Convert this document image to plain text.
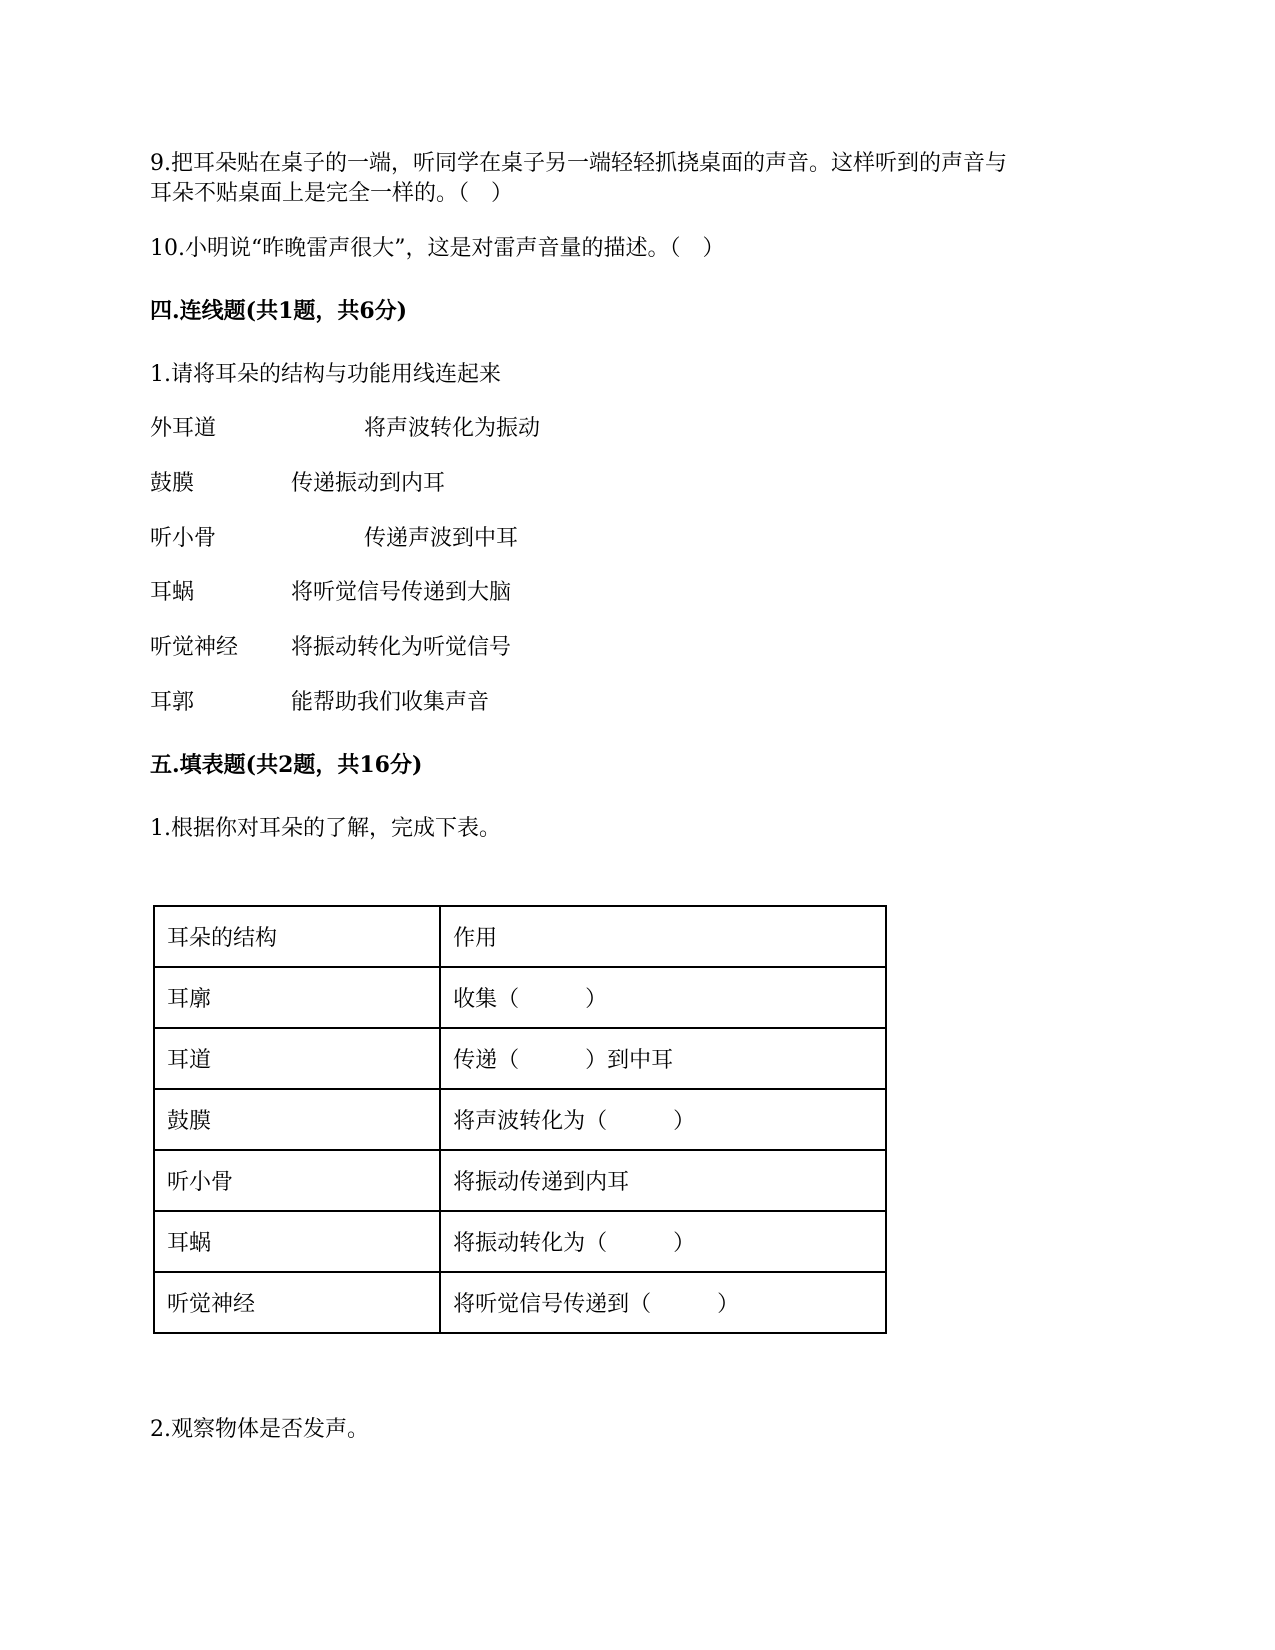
9.把耳朵贴在桌子的一端，听同学在桌子另一端轻轻抓挠桌面的声音。这样听到的声音与
耳朵不贴桌面上是完全一样的。（　）
10.小明说“昨晚雷声很大”，这是对雷声音量的描述。（　）
四.连线题(共1题，共6分)
1.请将耳朵的结构与功能用线连起来
外耳道	将声波转化为振动
鼓膜	传递振动到内耳
听小骨	传递声波到中耳
耳蜗	将听觉信号传递到大脑
听觉神经 将振动转化为听觉信号
耳郭	能帮助我们收集声音
五.填表题(共2题，共16分)
1.根据你对耳朵的了解，完成下表。
耳朵的结构	作用
耳廓	收集（　　　）
耳道	传递（　　　）到中耳
鼓膜	将声波转化为（　　　）
听小骨	将振动传递到内耳
耳蜗	将振动转化为（　　　）
听觉神经	将听觉信号传递到（　　　）
2.观察物体是否发声。
